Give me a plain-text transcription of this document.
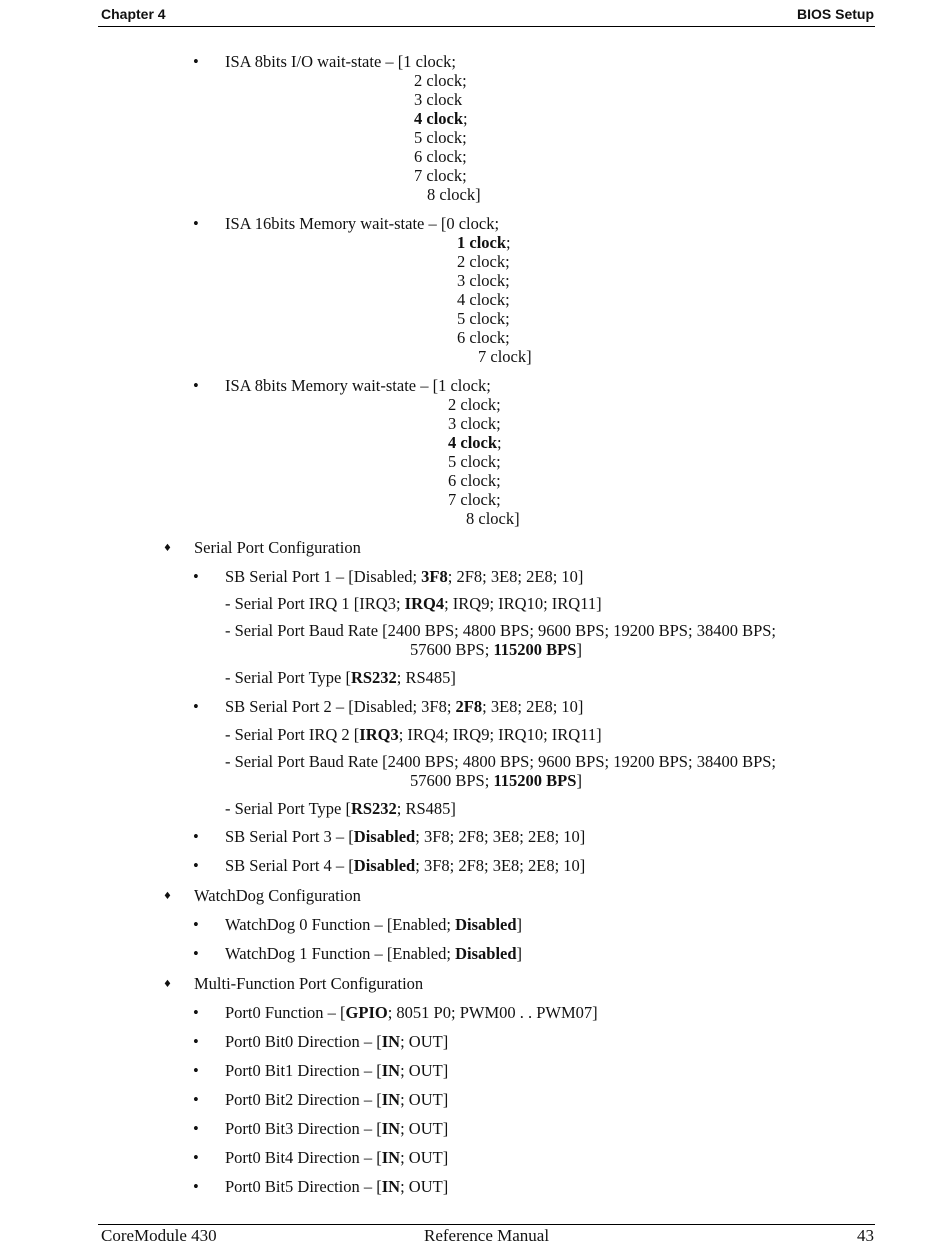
Chapter 4	BIOS Setup
• ISA 8bits I/O wait-state – [1 clock;
2 clock;
3 clock
4 clock;
5 clock;
6 clock;
7 clock;
8 clock]
• ISA 16bits Memory wait-state – [0 clock;
1 clock;
2 clock;
3 clock;
4 clock;
5 clock;
6 clock;
7 clock]
• ISA 8bits Memory wait-state – [1 clock;
2 clock;
3 clock;
4 clock;
5 clock;
6 clock;
7 clock;
8 clock]
♦ Serial Port Configuration
• SB Serial Port 1 – [Disabled; 3F8; 2F8; 3E8; 2E8; 10]
- Serial Port IRQ 1 [IRQ3; IRQ4; IRQ9; IRQ10; IRQ11]
- Serial Port Baud Rate [2400 BPS; 4800 BPS; 9600 BPS; 19200 BPS; 38400 BPS;
57600 BPS; 115200 BPS]
- Serial Port Type [RS232; RS485]
• SB Serial Port 2 – [Disabled; 3F8; 2F8; 3E8; 2E8; 10]
- Serial Port IRQ 2 [IRQ3; IRQ4; IRQ9; IRQ10; IRQ11]
- Serial Port Baud Rate [2400 BPS; 4800 BPS; 9600 BPS; 19200 BPS; 38400 BPS;
57600 BPS; 115200 BPS]
- Serial Port Type [RS232; RS485]
• SB Serial Port 3 – [Disabled; 3F8; 2F8; 3E8; 2E8; 10]
• SB Serial Port 4 – [Disabled; 3F8; 2F8; 3E8; 2E8; 10]
♦ WatchDog Configuration
• WatchDog 0 Function – [Enabled; Disabled]
• WatchDog 1 Function – [Enabled; Disabled]
♦ Multi-Function Port Configuration
• Port0 Function – [GPIO; 8051 P0; PWM00 . . PWM07]
• Port0 Bit0 Direction – [IN; OUT]
• Port0 Bit1 Direction – [IN; OUT]
• Port0 Bit2 Direction – [IN; OUT]
• Port0 Bit3 Direction – [IN; OUT]
• Port0 Bit4 Direction – [IN; OUT]
• Port0 Bit5 Direction – [IN; OUT]
CoreModule 430	Reference Manual	43
